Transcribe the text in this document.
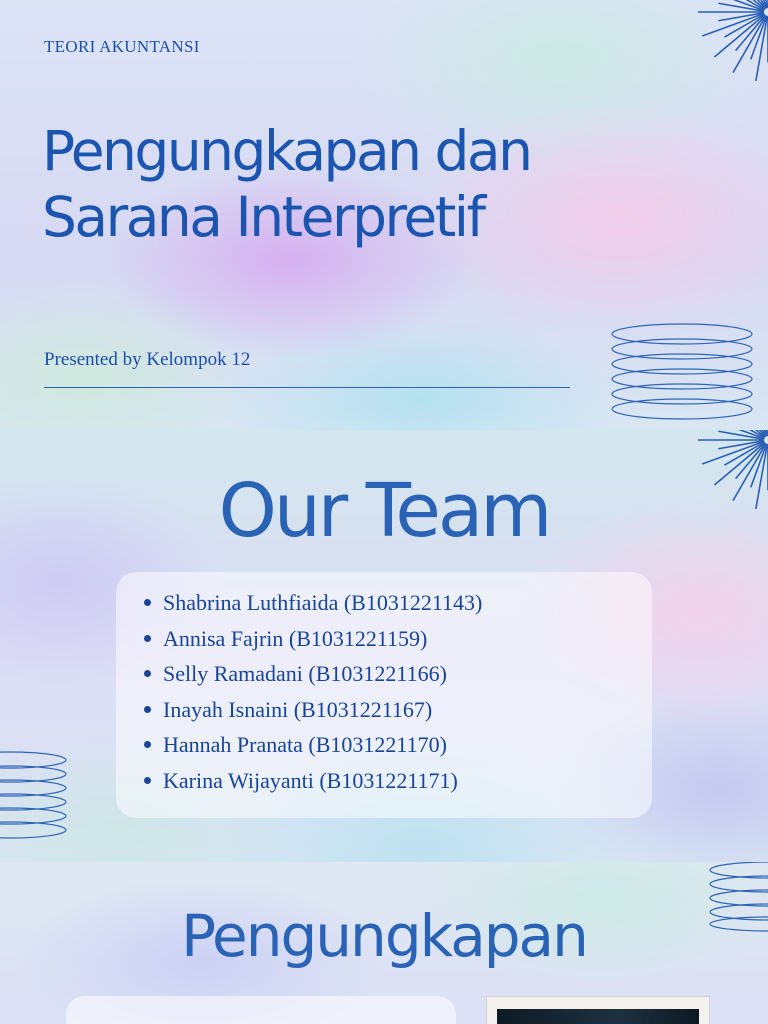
TEORI AKUNTANSI
Pengungkapan dan
Sarana Interpretif
Presented by Kelompok 12
Our Team
Shabrina Luthfiaida (B1031221143)
Annisa Fajrin (B1031221159)
Selly Ramadani (B1031221166)
Inayah Isnaini (B1031221167)
Hannah Pranata (B1031221170)
Karina Wijayanti (B1031221171)
Pengungkapan
